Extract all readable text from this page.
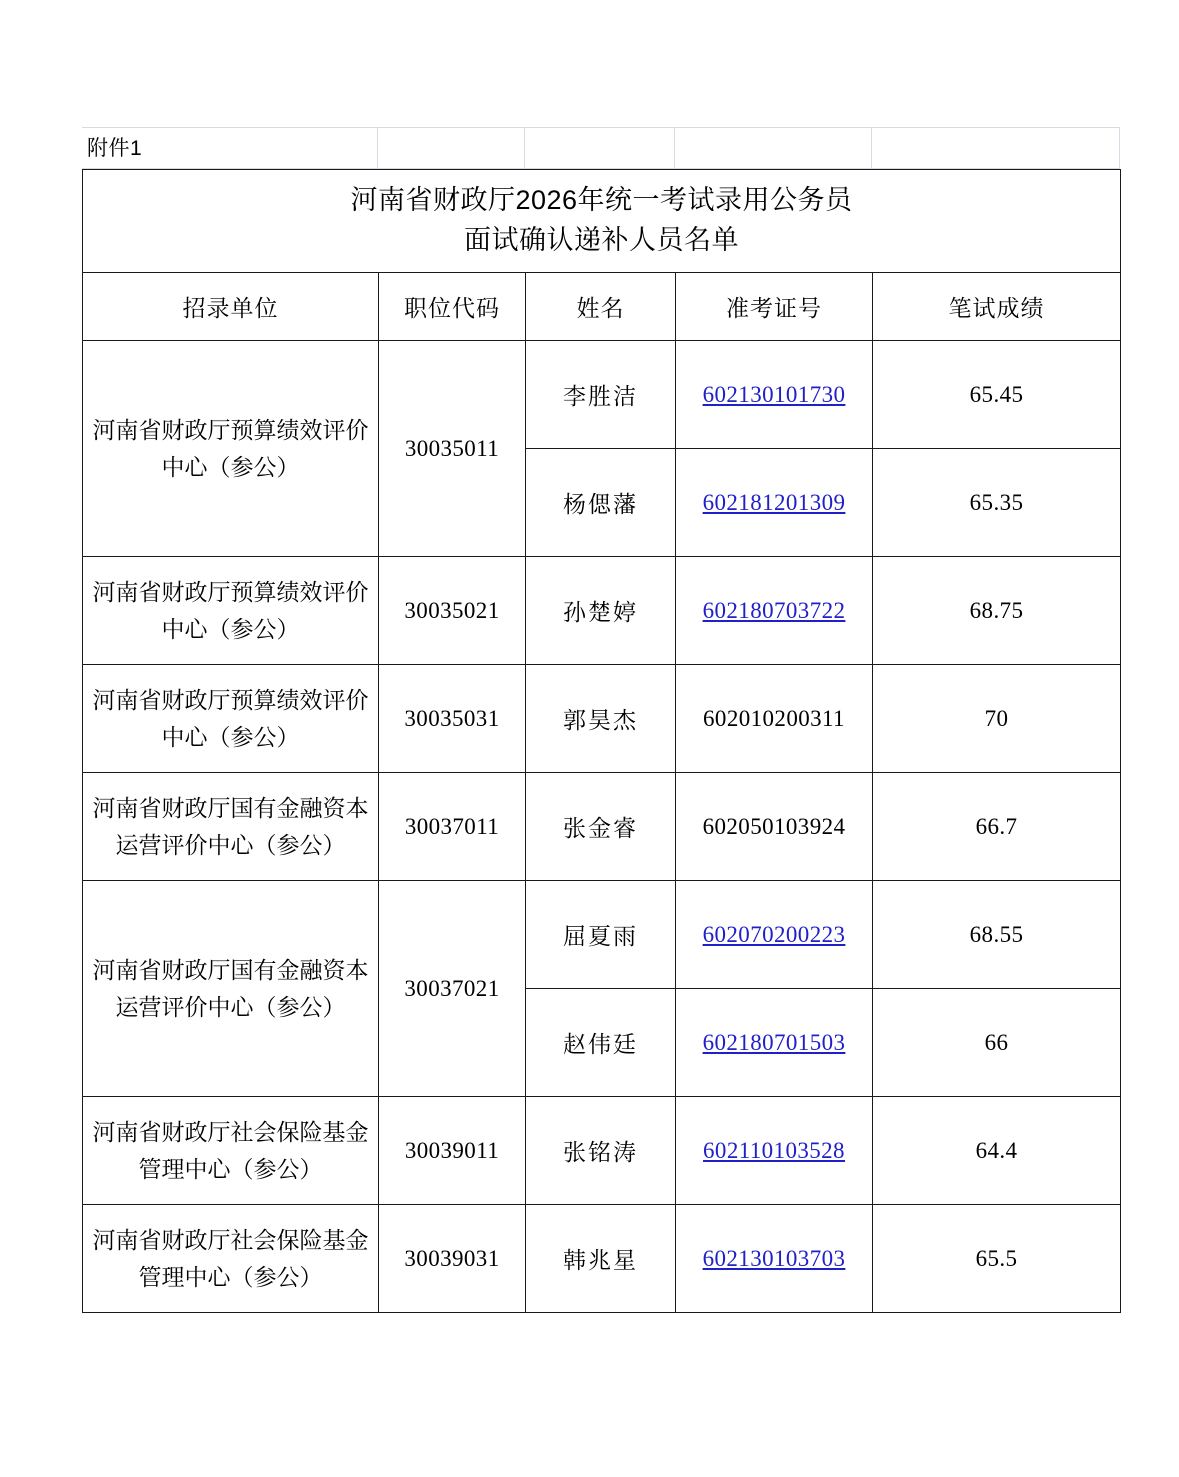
附件1
河南省财政厅2026年统一考试录用公务员
面试确认递补人员名单				

招录单位	职位代码	姓名	准考证号	笔试成绩

河南省财政厅预算绩效评价中心（参公）	30035011	李胜洁	602130101730	65.45
		杨偲藩	602181201309	65.35

河南省财政厅预算绩效评价中心（参公）	30035021	孙楚婷	602180703722	68.75

河南省财政厅预算绩效评价中心（参公）	30035031	郭昊杰	602010200311	70

河南省财政厅国有金融资本运营评价中心（参公）	30037011	张金睿	602050103924	66.7

河南省财政厅国有金融资本运营评价中心（参公）	30037021	屈夏雨	602070200223	68.55
		赵伟廷	602180701503	66

河南省财政厅社会保险基金管理中心（参公）	30039011	张铭涛	602110103528	64.4

河南省财政厅社会保险基金管理中心（参公）	30039031	韩兆星	602130103703	65.5
